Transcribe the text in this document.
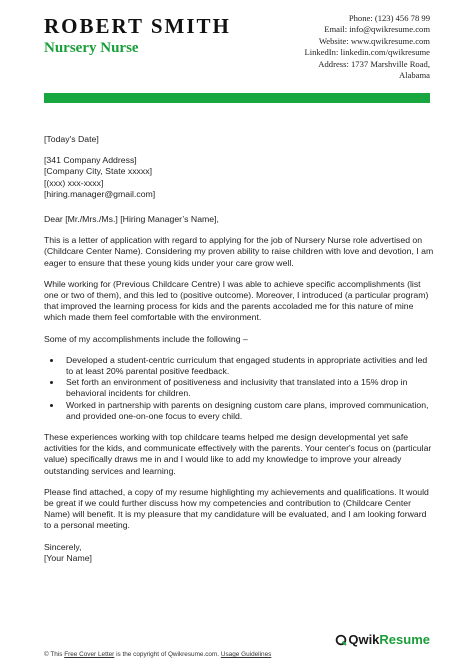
ROBERT SMITH
Nursery Nurse
Phone: (123) 456 78 99
Email: info@qwikresume.com
Website: www.qwikresume.com
LinkedIn: linkedin.com/qwikresume
Address: 1737 Marshville Road,
Alabama
[Today's Date]
[341 Company Address]
[Company City, State xxxxx]
[(xxx) xxx-xxxx]
[hiring.manager@gmail.com]

Dear [Mr./Mrs./Ms.] [Hiring Manager’s Name],

This is a letter of application with regard to applying for the job of Nursery Nurse role advertised on (Childcare Center Name). Considering my proven ability to raise children with love and devotion, I am eager to ensure that these young kids under your care grow well.

While working for (Previous Childcare Centre) I was able to achieve specific accomplishments (list one or two of them), and this led to (positive outcome). Moreover, I introduced (a particular program) that improved the learning process for kids and the parents accoladed me for this nature of mine which made them feel comfortable with the environment.

Some of my accomplishments include the following –

• Developed a student-centric curriculum that engaged students in appropriate activities and led to at least 20% parental positive feedback.
• Set forth an environment of positiveness and inclusivity that translated into a 15% drop in behavioral incidents for children.
• Worked in partnership with parents on designing custom care plans, improved communication, and provided one-on-one focus to every child.

These experiences working with top childcare teams helped me design developmental yet safe activities for the kids, and communicate effectively with the parents. Your center's focus on (particular value) specifically draws me in and I would like to add my knowledge to improve your already outstanding services and learning.

Please find attached, a copy of my resume highlighting my achievements and qualifications. It would be great if we could further discuss how my competencies and contribution to (Childcare Center Name) will benefit. It is my pleasure that my candidature will be evaluated, and I am looking forward to a personal meeting.

Sincerely,
[Your Name]
© This Free Cover Letter is the copyright of Qwikresume.com. Usage Guidelines
Qwik Resume
